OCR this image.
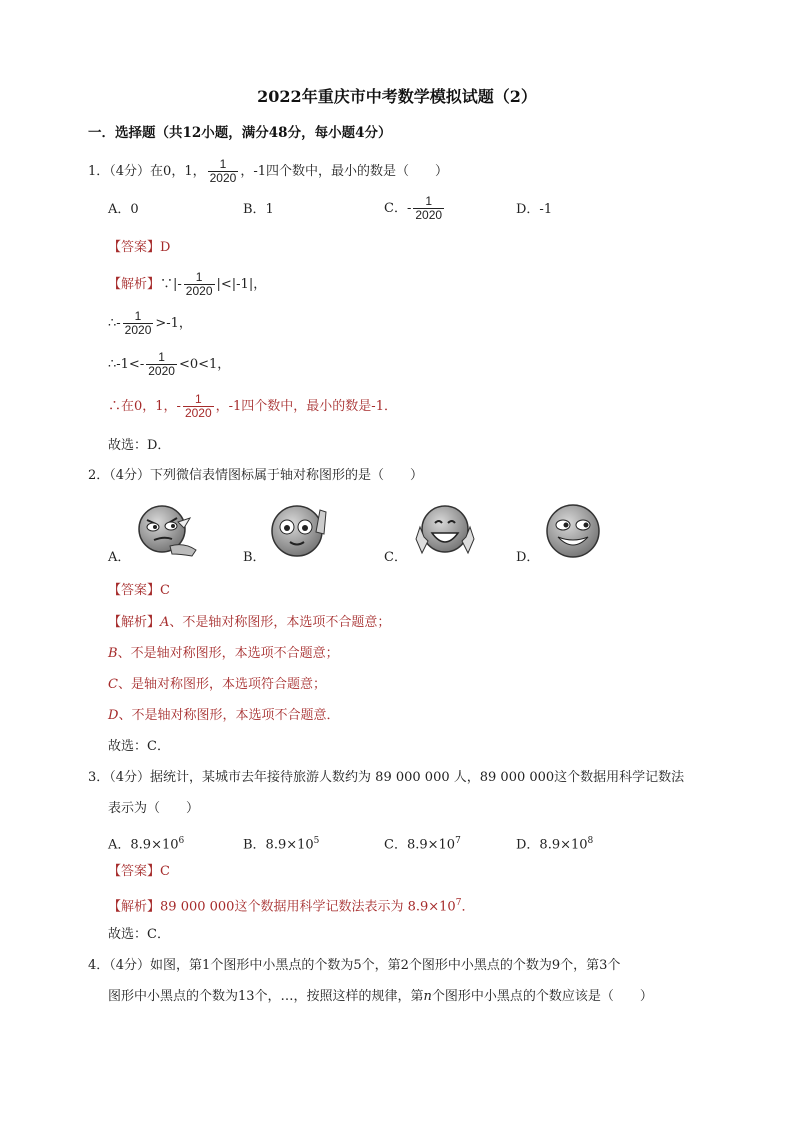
2022年重庆市中考数学模拟试题（2）
一．选择题（共12小题，满分48分，每小题4分）
1．（4分）在0，1， $\frac{1}{2020}$ ，-1四个数中，最小的数是（　　）
A．0	B．1	C．- $\frac{1}{2020}$	D．-1
【答案】D
【解析】∵|- $\frac{1}{2020} |<|-1|$，
∴- $\frac{1}{2020} >-1$，
∴-1<- $\frac{1}{2020} <0<1$，
∴在0，1，- $\frac{1}{2020}$ ，-1四个数中，最小的数是-1．
故选：D．
2．（4分）下列微信表情图标属于轴对称图形的是（　　）
A．	B．	C．	D．
【答案】C
【解析】A、不是轴对称图形，本选项不合题意；
B、不是轴对称图形，本选项不合题意；
C、是轴对称图形，本选项符合题意；
D、不是轴对称图形，本选项不合题意．
故选：C．
3．（4分）据统计，某城市去年接待旅游人数约为 89 000 000 人，89 000 000这个数据用科学记数法
表示为（　　）
A．$8.9\times 10^6$	B．$8.9\times 10^5$	C．$8.9\times 10^7$	D．$8.9\times 10^8$
【答案】C
【解析】89 000 000这个数据用科学记数法表示为 $8.9\times 10^7$．
故选：C．
4．（4分）如图，第1个图形中小黑点的个数为5个，第2个图形中小黑点的个数为9个，第3个
图形中小黑点的个数为13个，…，按照这样的规律，第n个图形中小黑点的个数应该是（　　）
